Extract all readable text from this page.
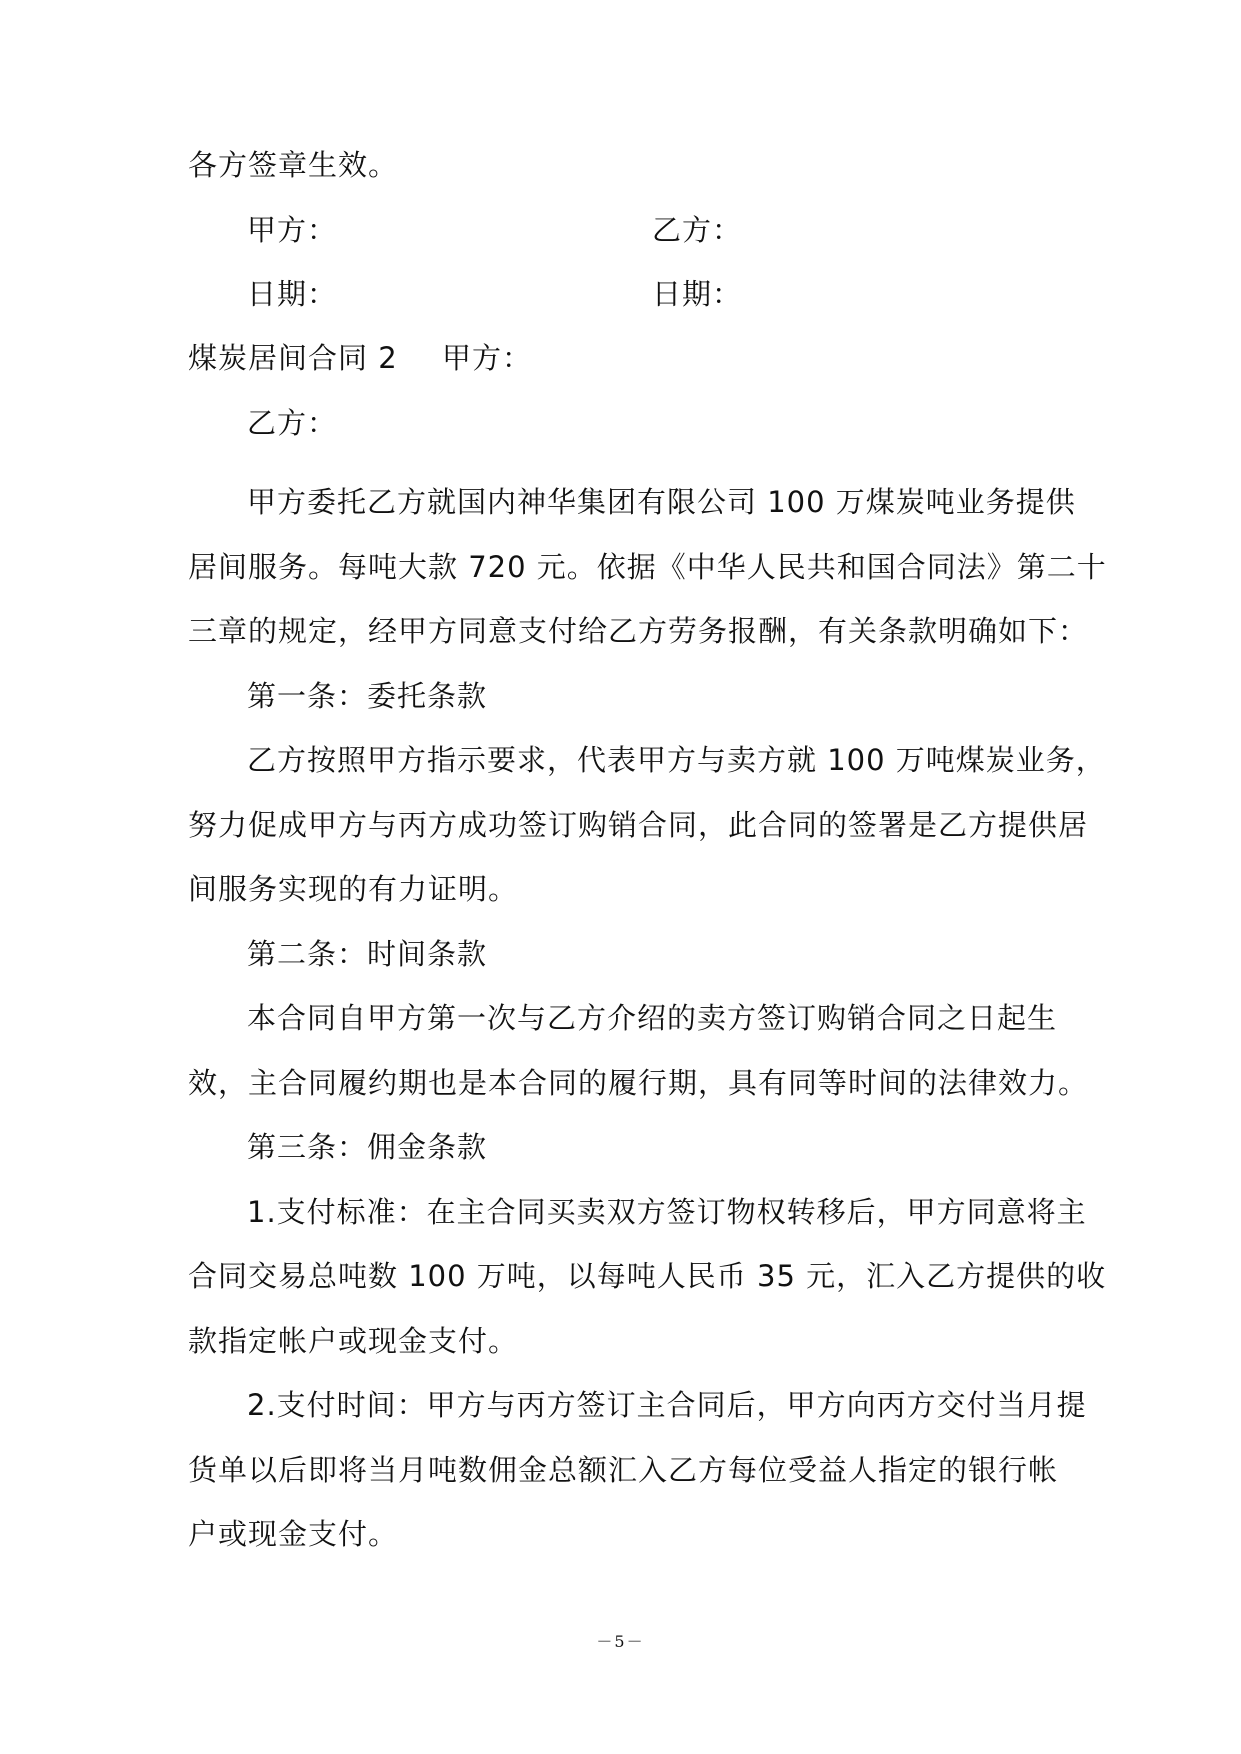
各方签章生效。
甲方：	乙方：
日期：	日期：
煤炭居间合同 2 甲方：
乙方：
甲方委托乙方就国内神华集团有限公司 100 万煤炭吨业务提供
居间服务。每吨大款 720 元。依据《中华人民共和国合同法》第二十
三章的规定，经甲方同意支付给乙方劳务报酬，有关条款明确如下：
第一条：委托条款
乙方按照甲方指示要求，代表甲方与卖方就 100 万吨煤炭业务，
努力促成甲方与丙方成功签订购销合同，此合同的签署是乙方提供居
间服务实现的有力证明。
第二条：时间条款
本合同自甲方第一次与乙方介绍的卖方签订购销合同之日起生
效，主合同履约期也是本合同的履行期，具有同等时间的法律效力。
第三条：佣金条款
1.支付标准：在主合同买卖双方签订物权转移后，甲方同意将主
合同交易总吨数 100 万吨，以每吨人民币 35 元，汇入乙方提供的收
款指定帐户或现金支付。
2.支付时间：甲方与丙方签订主合同后，甲方向丙方交付当月提
货单以后即将当月吨数佣金总额汇入乙方每位受益人指定的银行帐
户或现金支付。
－5－
